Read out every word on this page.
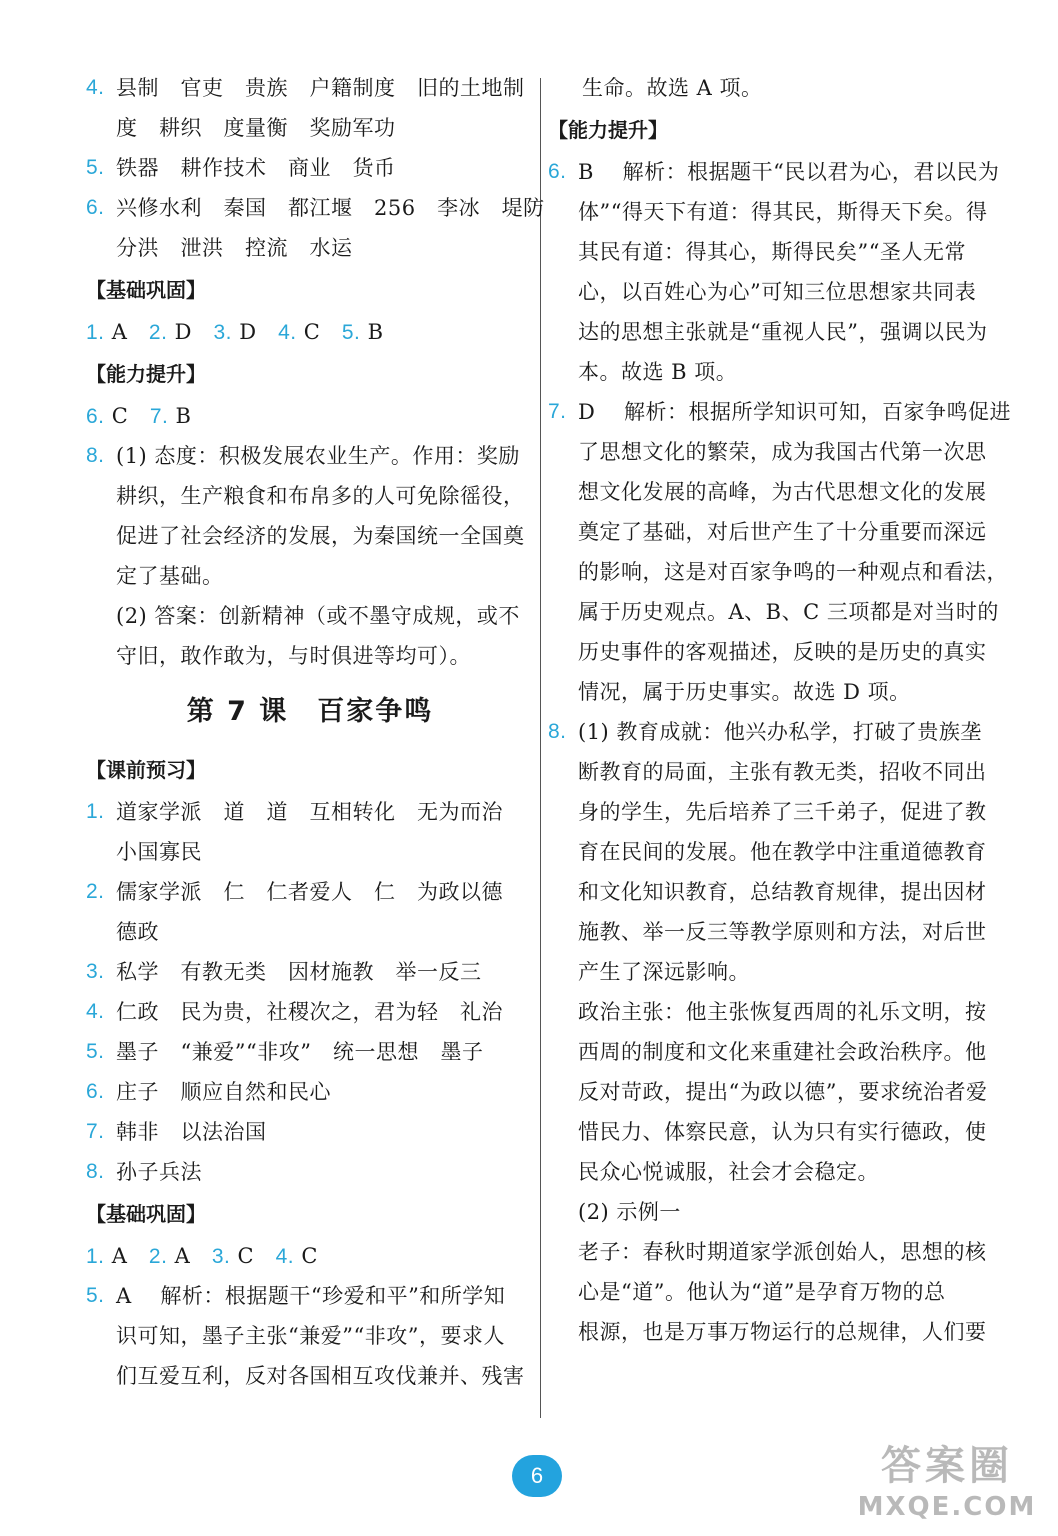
4. 县制　官吏　贵族　户籍制度　旧的土地制
度　耕织　度量衡　奖励军功
5. 铁器　耕作技术　商业　货币
6. 兴修水利　秦国　都江堰　256　李冰　堤防
分洪　泄洪　控流　水运
【基础巩固】
1. A 2. D 3. D 4. C 5. B
【能力提升】
6. C 7. B
8. (1) 态度：积极发展农业生产。作用：奖励
耕织，生产粮食和布帛多的人可免除徭役，
促进了社会经济的发展，为秦国统一全国奠
定了基础。
(2) 答案：创新精神（或不墨守成规，或不
守旧，敢作敢为，与时俱进等均可）。
第 7 课　百家争鸣
【课前预习】
1. 道家学派　道　道　互相转化　无为而治
小国寡民
2. 儒家学派　仁　仁者爱人　仁　为政以德
德政
3. 私学　有教无类　因材施教　举一反三
4. 仁政　民为贵，社稷次之，君为轻　礼治
5. 墨子　“兼爱”“非攻”　统一思想　墨子
6. 庄子　顺应自然和民心
7. 韩非　以法治国
8. 孙子兵法
【基础巩固】
1. A 2. A 3. C 4. C
5. A　 解析：根据题干“珍爱和平”和所学知
识可知，墨子主张“兼爱”“非攻”，要求人
们互爱互利，反对各国相互攻伐兼并、残害
生命。故选 A 项。
【能力提升】
6. B　 解析：根据题干“民以君为心，君以民为
体”“得天下有道：得其民，斯得天下矣。得
其民有道：得其心，斯得民矣”“圣人无常
心，以百姓心为心”可知三位思想家共同表
达的思想主张就是“重视人民”，强调以民为
本。故选 B 项。
7. D　 解析：根据所学知识可知，百家争鸣促进
了思想文化的繁荣，成为我国古代第一次思
想文化发展的高峰，为古代思想文化的发展
奠定了基础，对后世产生了十分重要而深远
的影响，这是对百家争鸣的一种观点和看法，
属于历史观点。A、B、C 三项都是对当时的
历史事件的客观描述，反映的是历史的真实
情况，属于历史事实。故选 D 项。
8. (1) 教育成就：他兴办私学，打破了贵族垄
断教育的局面，主张有教无类，招收不同出
身的学生，先后培养了三千弟子，促进了教
育在民间的发展。他在教学中注重道德教育
和文化知识教育，总结教育规律，提出因材
施教、举一反三等教学原则和方法，对后世
产生了深远影响。
政治主张：他主张恢复西周的礼乐文明，按
西周的制度和文化来重建社会政治秩序。他
反对苛政，提出“为政以德”，要求统治者爱
惜民力、体察民意，认为只有实行德政，使
民众心悦诚服，社会才会稳定。
(2) 示例一
老子：春秋时期道家学派创始人，思想的核
心是“道”。他认为“道”是孕育万物的总
根源，也是万事万物运行的总规律，人们要
6	答案圈
MXQE.COM
